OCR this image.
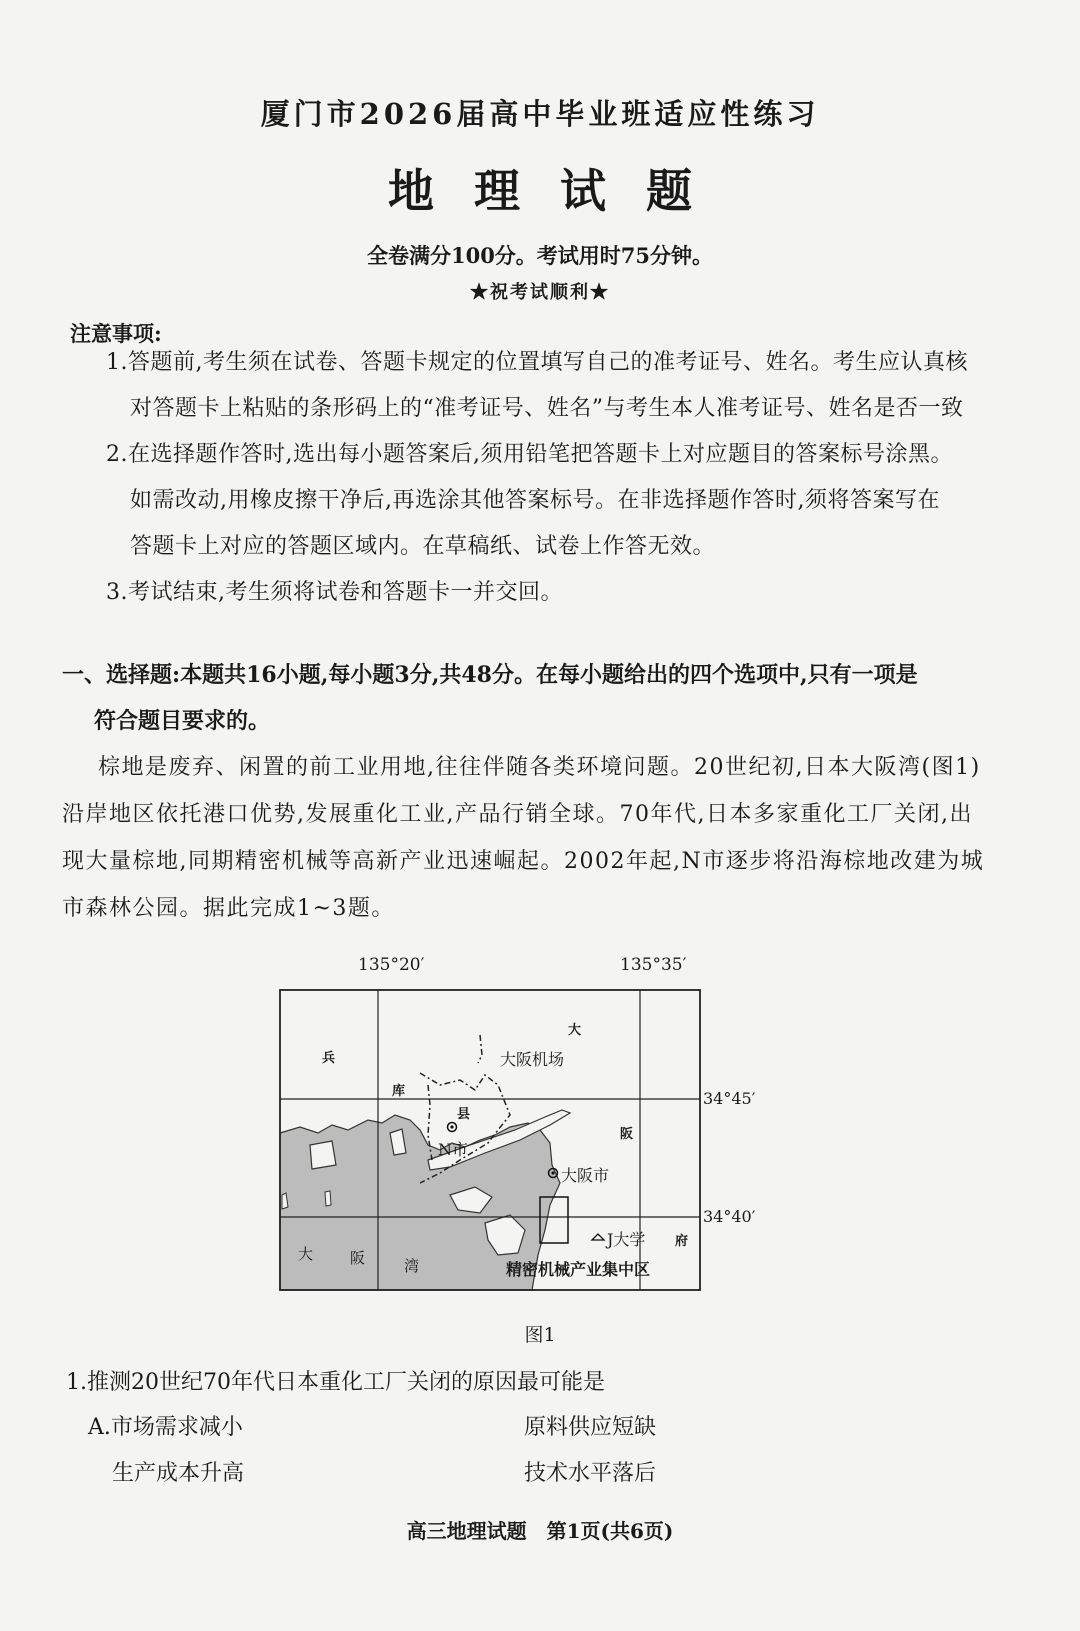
厦门市2026届高中毕业班适应性练习
地理试题
全卷满分100分。考试用时75分钟。
★祝考试顺利★
注意事项:
1.答题前,考生须在试卷、答题卡规定的位置填写自己的准考证号、姓名。考生应认真核
对答题卡上粘贴的条形码上的“准考证号、姓名”与考生本人准考证号、姓名是否一致
2.在选择题作答时,选出每小题答案后,须用铅笔把答题卡上对应题目的答案标号涂黑。
如需改动,用橡皮擦干净后,再选涂其他答案标号。在非选择题作答时,须将答案写在
答题卡上对应的答题区域内。在草稿纸、试卷上作答无效。
3.考试结束,考生须将试卷和答题卡一并交回。
一、选择题:本题共16小题,每小题3分,共48分。在每小题给出的四个选项中,只有一项是
符合题目要求的。
棕地是废弃、闲置的前工业用地,往往伴随各类环境问题。20世纪初,日本大阪湾(图1)
沿岸地区依托港口优势,发展重化工业,产品行销全球。70年代,日本多家重化工厂关闭,出
现大量棕地,同期精密机械等高新产业迅速崛起。2002年起,N市逐步将沿海棕地改建为城
市森林公园。据此完成1~3题。
135°20′	135°35′
34°45′
34°40′
兵
库
县
大
阪
府
大阪机场
N市
大阪市
J大学
精密机械产业集中区
大 阪	湾
图1
1.推测20世纪70年代日本重化工厂关闭的原因最可能是
A.市场需求减小	原料供应短缺
生产成本升高	技术水平落后
高三地理试题　第1页(共6页)
